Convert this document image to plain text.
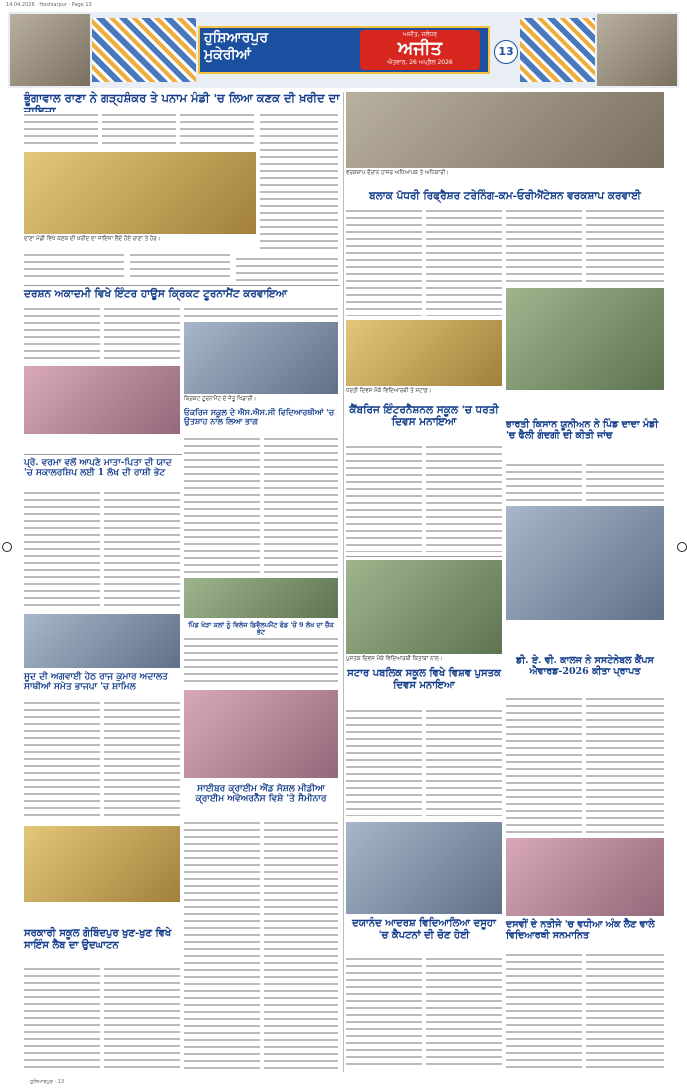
14.04.2026 · Hoshiarpur · Page 13
ਹੁਸ਼ਿਆਰਪੁਰ
ਮੁਕੇਰੀਆਂ
ਅਜੀਤ, ਜਲੰਧਰ
ਅਜੀਤ
ਐਤਵਾਰ, 26 ਅਪ੍ਰੈਲ 2026
13
ਭੂੰਗਾਵਾਲ ਰਾਣਾ ਨੇ ਗੜ੍ਹਸ਼ੰਕਰ ਤੇ ਪਨਾਮ ਮੰਡੀ 'ਚ ਲਿਆ ਕਣਕ ਦੀ ਖ਼ਰੀਦ ਦਾ
ਦਾਣਾ ਮੰਡੀ ਵਿਖੇ ਕਣਕ ਦੀ ਖ਼ਰੀਦ ਦਾ ਜਾਇਜ਼ਾ ਲੈਂਦੇ ਹੋਏ ਰਾਣਾ ਤੇ ਹੋਰ।
ਦਰਸ਼ਨ ਅਕਾਦਮੀ ਵਿਖੇ ਇੰਟਰ ਹਾਊਸ ਕ੍ਰਿਕਟ ਟੂਰਨਾਮੈਂਟ ਕਰਵਾਇਆ
ਕ੍ਰਿਕਟ ਟੂਰਨਾਮੈਂਟ ਦੇ ਜੇਤੂ ਖਿਡਾਰੀ।
ਓਕਰਿਜ ਸਕੂਲ ਦੇ ਐਸ.ਐਸ.ਸੀ ਵਿਦਿਆਰਥੀਆਂ 'ਚ ਉਤਸ਼ਾਹ ਨਾਲ ਲਿਆ ਭਾਗ
ਪ੍ਰੋ. ਵਰਮਾ ਵਲੋਂ ਆਪਣੇ ਮਾਤਾ-ਪਿਤਾ ਦੀ ਯਾਦ 'ਚ ਸਕਾਲਰਸ਼ਿਪ ਲਈ 1 ਲੱਖ ਦੀ ਰਾਸ਼ੀ ਭੇਟ
ਪਿੰਡ ਖੇੜਾ ਕਲਾਂ ਨੂੰ ਵਿਲੇਜ ਡਿਵੈਲਪਮੈਂਟ ਫੰਡ 'ਚੋਂ 9 ਲੱਖ ਦਾ ਚੈੱਕ ਭੇਟ
ਸੂਦ ਦੀ ਅਗਵਾਈ ਹੇਠ ਰਾਜ ਕੁਮਾਰ ਅਦਾਲਤ ਸਾਥੀਆਂ ਸਮੇਤ ਭਾਜਪਾ 'ਚ ਸ਼ਾਮਿਲ
ਸਾਈਬਰ ਕ੍ਰਾਈਮ ਐਂਡ ਸੋਸ਼ਲ ਮੀਡੀਆ ਕ੍ਰਾਈਮ ਅਵੇਅਰਨੈੱਸ ਵਿਸ਼ੇ 'ਤੇ ਸੈਮੀਨਾਰ
ਸਰਕਾਰੀ ਸਕੂਲ ਗੋਬਿੰਦਪੁਰ ਖੁਣ-ਖੁਣ ਵਿਖੇ ਸਾਇੰਸ ਲੈਬ ਦਾ ਉਦਘਾਟਨ
ਵਰਕਸ਼ਾਪ ਦੌਰਾਨ ਹਾਜ਼ਰ ਅਧਿਆਪਕ ਤੇ ਅਧਿਕਾਰੀ।
ਬਲਾਕ ਪੱਧਰੀ ਰਿਫ੍ਰੈਸ਼ਰ ਟਰੇਨਿੰਗ-ਕਮ-ਓਰੀਐਂਟੇਸ਼ਨ ਵਰਕਸ਼ਾਪ ਕਰਵਾਈ
ਭਾਰਤੀ ਕਿਸਾਨ ਯੂਨੀਅਨ ਨੇ ਪਿੰਡ ਦਾਦਾ ਮੰਡੀ 'ਚ ਫੈਲੀ ਗੰਦਗੀ ਦੀ ਕੀਤੀ ਜਾਂਚ
ਡੀ. ਏ. ਵੀ. ਕਾਲਜ ਨੇ ਸਸਟੇਨੇਬਲ ਕੈਂਪਸ ਐਵਾਰਡ-2026 ਕੀਤਾ ਪ੍ਰਾਪਤ
ਦਸਵੀਂ ਦੇ ਨਤੀਜੇ 'ਚ ਵਧੀਆ ਅੰਕ ਲੈਣ ਵਾਲੇ ਵਿਦਿਆਰਥੀ ਸਨਮਾਨਿਤ
ਧਰਤੀ ਦਿਵਸ ਮੌਕੇ ਵਿਦਿਆਰਥੀ ਤੇ ਸਟਾਫ਼।
ਕੈਂਬਰਿਜ ਇੰਟਰਨੈਸ਼ਨਲ ਸਕੂਲ 'ਚ ਧਰਤੀ ਦਿਵਸ ਮਨਾਇਆ
ਪੁਸਤਕ ਦਿਵਸ ਮੌਕੇ ਵਿਦਿਆਰਥੀ ਕਿਤਾਬਾਂ ਨਾਲ।
ਸਟਾਰ ਪਬਲਿਕ ਸਕੂਲ ਵਿਖੇ ਵਿਸ਼ਵ ਪੁਸਤਕ ਦਿਵਸ ਮਨਾਇਆ
ਦਯਾਨੰਦ ਆਦਰਸ਼ ਵਿਦਿਆਲਿਆ ਦਸੂਹਾ 'ਚ ਕੈਪਟਨਾਂ ਦੀ ਚੋਣ ਹੋਈ
ਹੁਸ਼ਿਆਰਪੁਰ · 13
